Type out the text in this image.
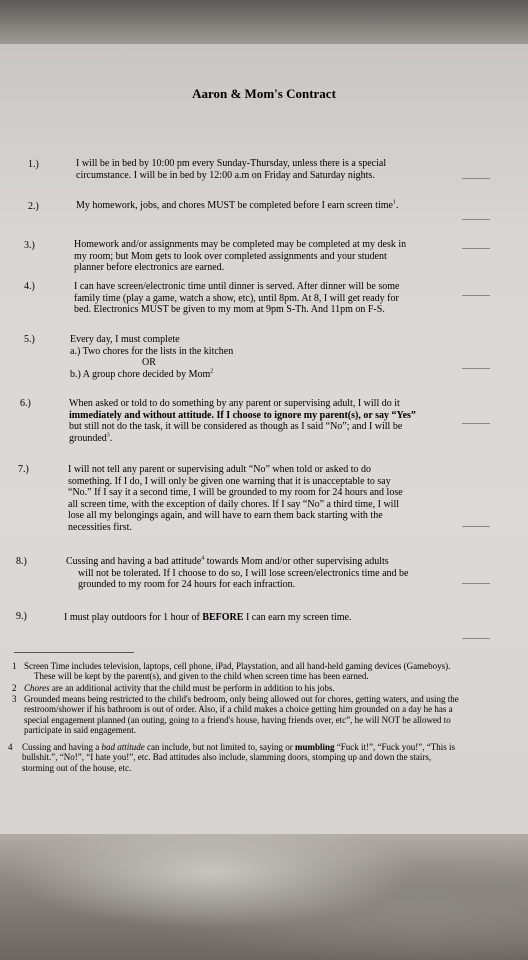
Aaron & Mom's Contract
1.)	I will be in bed by 10:00 pm every Sunday-Thursday, unless there is a special
circumstance. I will be in bed by 12:00 a.m on Friday and Saturday nights.
2.)	My homework, jobs, and chores MUST be completed before I earn screen time$^1$.
3.)	Homework and/or assignments may be completed may be completed at my desk in
my room; but Mom gets to look over completed assignments and your student
planner before electronics are earned.
4.)	I can have screen/electronic time until dinner is served. After dinner will be some
family time (play a game, watch a show, etc), until 8pm. At 8, I will get ready for
bed. Electronics MUST be given to my mom at 9pm S-Th. And 11pm on F-S.
5.)	Every day, I must complete
a.) Two chores for the lists in the kitchen
OR
b.) A group chore decided by Mom$^2$
6.)	When asked or told to do something by any parent or supervising adult, I will do it
immediately and without attitude. If I choose to ignore my parent(s), or say “Yes”
but still not do the task, it will be considered as though as I said “No”; and I will be
grounded$^3$.
7.)	I will not tell any parent or supervising adult “No” when told or asked to do
something. If I do, I will only be given one warning that it is unacceptable to say
“No.” If I say it a second time, I will be grounded to my room for 24 hours and lose
all screen time, with the exception of daily chores. If I say “No” a third time, I will
lose all my belongings again, and will have to earn them back starting with the
necessities first.
8.)	Cussing and having a bad attitude$^4$ towards Mom and/or other supervising adults
will not be tolerated. If I choose to do so, I will lose screen/electronics time and be
grounded to my room for 24 hours for each infraction.
9.)	I must play outdoors for 1 hour of BEFORE I can earn my screen time.
1 Screen Time includes television, laptops, cell phone, iPad, Playstation, and all hand-held gaming devices (Gameboys).
These will be kept by the parent(s), and given to the child when screen time has been earned.
2 Chores are an additional activity that the child must be perform in addition to his jobs.
3 Grounded means being restricted to the child's bedroom, only being allowed out for chores, getting waters, and using the
restroom/shower if his bathroom is out of order. Also, if a child makes a choice getting him grounded on a day he has a
special engagement planned (an outing, going to a friend's house, having friends over, etc”, he will NOT be allowed to
participate in said engagement.
4 Cussing and having a bad attitude can include, but not limited to, saying or mumbling “Fuck it!”, “Fuck you!”, “This is
bullshit.”, “No!”, “I hate you!”, etc. Bad attitudes also include, slamming doors, stomping up and down the stairs,
storming out of the house, etc.
